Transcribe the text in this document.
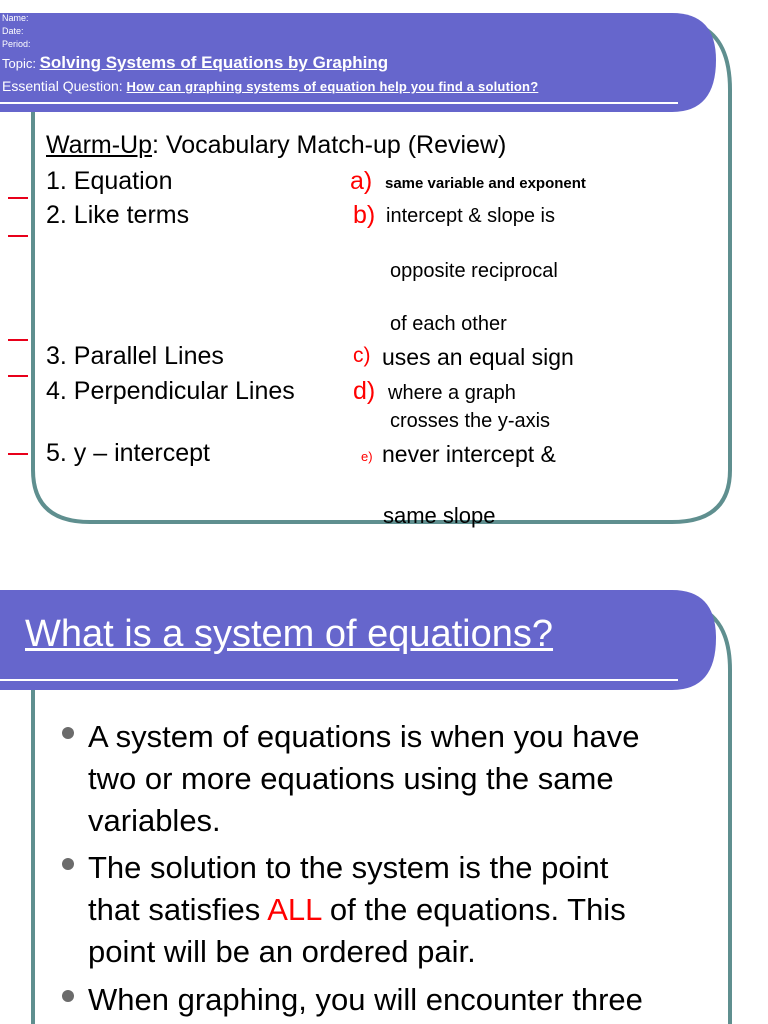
Name:
Date:
Period:
Topic: Solving Systems of Equations by Graphing
Essential Question: How can graphing systems of equation help you find a solution?
Warm-Up: Vocabulary Match-up (Review)
1. Equation
2. Like terms
3. Parallel Lines
4. Perpendicular Lines
5. y – intercept
a)
b)
c)
d)
e)
same variable and exponent
intercept & slope is
opposite reciprocal
of each other
uses an equal sign
where a graph
crosses the y-axis
never intercept &
same slope
What is a system of equations?
A system of equations is when you have
two or more equations using the same
variables.
The solution to the system is the point
that satisfies ALL of the equations. This
point will be an ordered pair.
When graphing, you will encounter three
